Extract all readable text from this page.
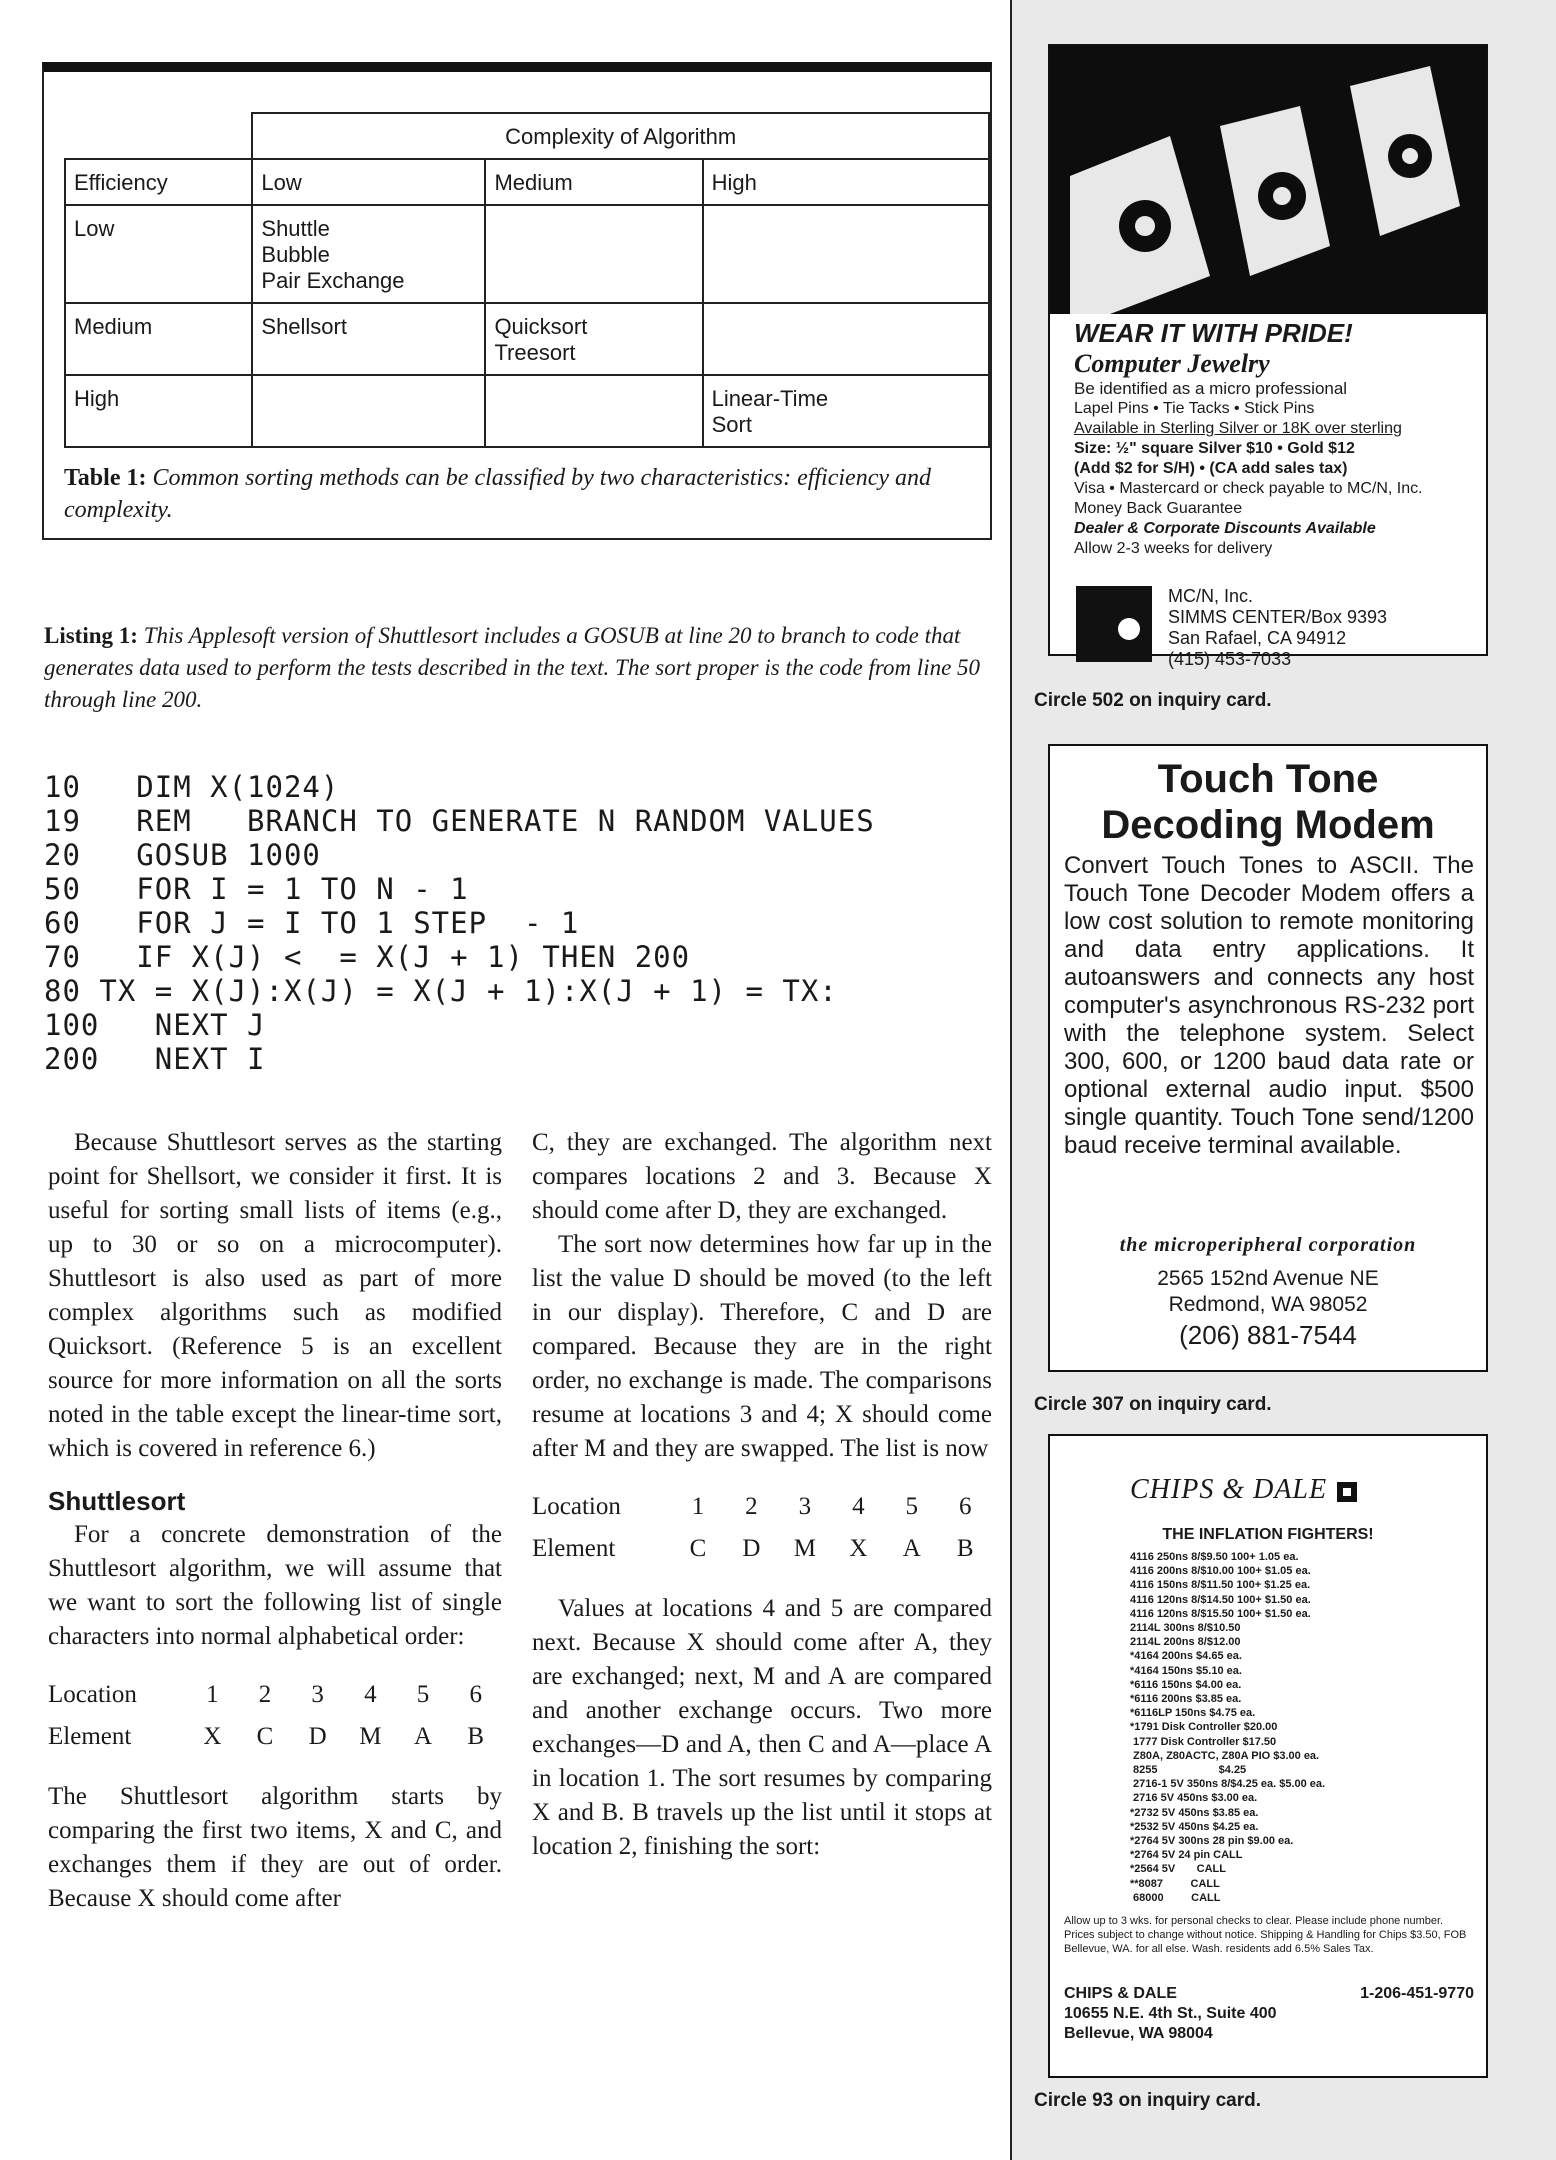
	Complexity of Algorithm		
Efficiency	Low	Medium	High
Low	Shuttle
Bubble
Pair Exchange		

Medium	Shellsort	Quicksort
Treesort	

High			Linear-Time
Sort
Table 1: Common sorting methods can be classified by two characteristics: efficiency and complexity.
Listing 1: This Applesoft version of Shuttlesort includes a GOSUB at line 20 to branch to code that generates data used to perform the tests described in the text. The sort proper is the code from line 50 through line 200.
10   DIM X(1024)
19   REM   BRANCH TO GENERATE N RANDOM VALUES
20   GOSUB 1000
50   FOR I = 1 TO N - 1
60   FOR J = I TO 1 STEP  - 1
70   IF X(J) <  = X(J + 1) THEN 200
80 TX = X(J):X(J) = X(J + 1):X(J + 1) = TX:
100   NEXT J
200   NEXT I

Because Shuttlesort serves as the starting point for Shellsort, we consider it first. It is useful for sorting small lists of items (e.g., up to 30 or so on a microcomputer). Shuttlesort is also used as part of more complex algorithms such as modified Quicksort. (Reference 5 is an excellent source for more information on all the sorts noted in the table except the linear-time sort, which is covered in reference 6.)

Shuttlesort

For a concrete demonstration of the Shuttlesort algorithm, we will assume that we want to sort the following list of single characters into normal alphabetical order:

Location	1	2	3	4	5	6
Element	X	C	D	M	A	B

The Shuttlesort algorithm starts by comparing the first two items, X and C, and exchanges them if they are out of order. Because X should come after

C, they are exchanged. The algorithm next compares locations 2 and 3. Because X should come after D, they are exchanged.

The sort now determines how far up in the list the value D should be moved (to the left in our display). Therefore, C and D are compared. Because they are in the right order, no exchange is made. The comparisons resume at locations 3 and 4; X should come after M and they are swapped. The list is now

Location	1	2	3	4	5	6
Element	C	D	M	X	A	B

Values at locations 4 and 5 are compared next. Because X should come after A, they are exchanged; next, M and A are compared and another exchange occurs. Two more exchanges—D and A, then C and A—place A in location 1. The sort resumes by comparing X and B. B travels up the list until it stops at location 2, finishing the sort:

WEAR IT WITH PRIDE!

Computer Jewelry

Be identified as a micro professional

Lapel Pins • Tie Tacks • Stick Pins

Available in Sterling Silver or 18K over sterling

Size: ½" square Silver $10 • Gold $12

(Add $2 for S/H) • (CA add sales tax)

Visa • Mastercard or check payable to MC/N, Inc.

Money Back Guarantee

Dealer & Corporate Discounts Available

Allow 2-3 weeks for delivery

MC/N, Inc.
SIMMS CENTER/Box 9393
San Rafael, CA 94912
(415) 453-7033
Circle 502 on inquiry card.
Touch Tone
Decoding Modem
Convert Touch Tones to ASCII. The Touch Tone Decoder Modem offers a low cost solution to remote monitoring and data entry applications. It autoanswers and connects any host computer's asynchronous RS-232 port with the telephone system. Select 300, 600, or 1200 baud data rate or optional external audio input. $500 single quantity. Touch Tone send/1200 baud receive terminal available.
the microperipheral corporation
2565 152nd Avenue NE
Redmond, WA 98052
(206) 881-7544
Circle 307 on inquiry card.
CHIPS & DALE
THE INFLATION FIGHTERS!
4116 250ns 8/$9.50 100+ 1.05 ea.
4116 200ns 8/$10.00 100+ $1.05 ea.
4116 150ns 8/$11.50 100+ $1.25 ea.
4116 120ns 8/$14.50 100+ $1.50 ea.
4116 120ns 8/$15.50 100+ $1.50 ea.
2114L 300ns 8/$10.50
2114L 200ns 8/$12.00
*4164 200ns $4.65 ea.
*4164 150ns $5.10 ea.
*6116 150ns $4.00 ea.
*6116 200ns $3.85 ea.
*6116LP 150ns $4.75 ea.
*1791 Disk Controller $20.00
1777 Disk Controller $17.50
Z80A, Z80ACTC, Z80A PIO $3.00 ea.
8255                    $4.25
2716-1 5V 350ns 8/$4.25 ea. $5.00 ea.
2716 5V 450ns $3.00 ea.
*2732 5V 450ns $3.85 ea.
*2532 5V 450ns $4.25 ea.
*2764 5V 300ns 28 pin $9.00 ea.
*2764 5V 24 pin CALL
*2564 5V       CALL
**8087         CALL
68000         CALL
Allow up to 3 wks. for personal checks to clear. Please include phone number. Prices subject to change without notice. Shipping & Handling for Chips $3.50, FOB Bellevue, WA. for all else. Wash. residents add 6.5% Sales Tax.
CHIPS & DALE	1-206-451-9770
10655 N.E. 4th St., Suite 400
Bellevue, WA 98004
Circle 93 on inquiry card.
